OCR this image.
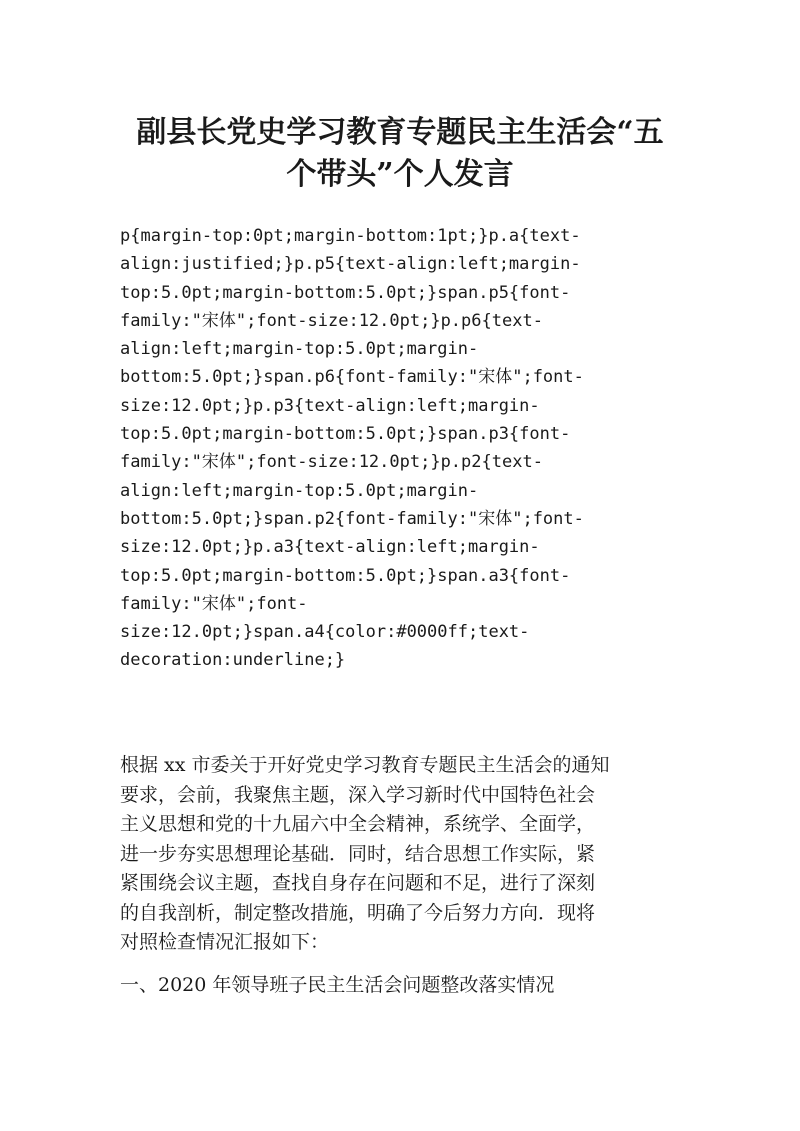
副县长党史学习教育专题民主生活会“五
个带头”个人发言
p{margin-top:0pt;margin-bottom:1pt;}p.a{text-
align:justified;}p.p5{text-align:left;margin-
top:5.0pt;margin-bottom:5.0pt;}span.p5{font-
family:"宋体";font-size:12.0pt;}p.p6{text-
align:left;margin-top:5.0pt;margin-
bottom:5.0pt;}span.p6{font-family:"宋体";font-
size:12.0pt;}p.p3{text-align:left;margin-
top:5.0pt;margin-bottom:5.0pt;}span.p3{font-
family:"宋体";font-size:12.0pt;}p.p2{text-
align:left;margin-top:5.0pt;margin-
bottom:5.0pt;}span.p2{font-family:"宋体";font-
size:12.0pt;}p.a3{text-align:left;margin-
top:5.0pt;margin-bottom:5.0pt;}span.a3{font-
family:"宋体";font-
size:12.0pt;}span.a4{color:#0000ff;text-
decoration:underline;}

根据 xx 市委关于开好党史学习教育专题民主生活会的通知
要求，会前，我聚焦主题，深入学习新时代中国特色社会
主义思想和党的十九届六中全会精神，系统学、全面学，
进一步夯实思想理论基础．同时，结合思想工作实际，紧
紧围绕会议主题，查找自身存在问题和不足，进行了深刻
的自我剖析，制定整改措施，明确了今后努力方向．现将
对照检查情况汇报如下：

一、2020 年领导班子民主生活会问题整改落实情况
